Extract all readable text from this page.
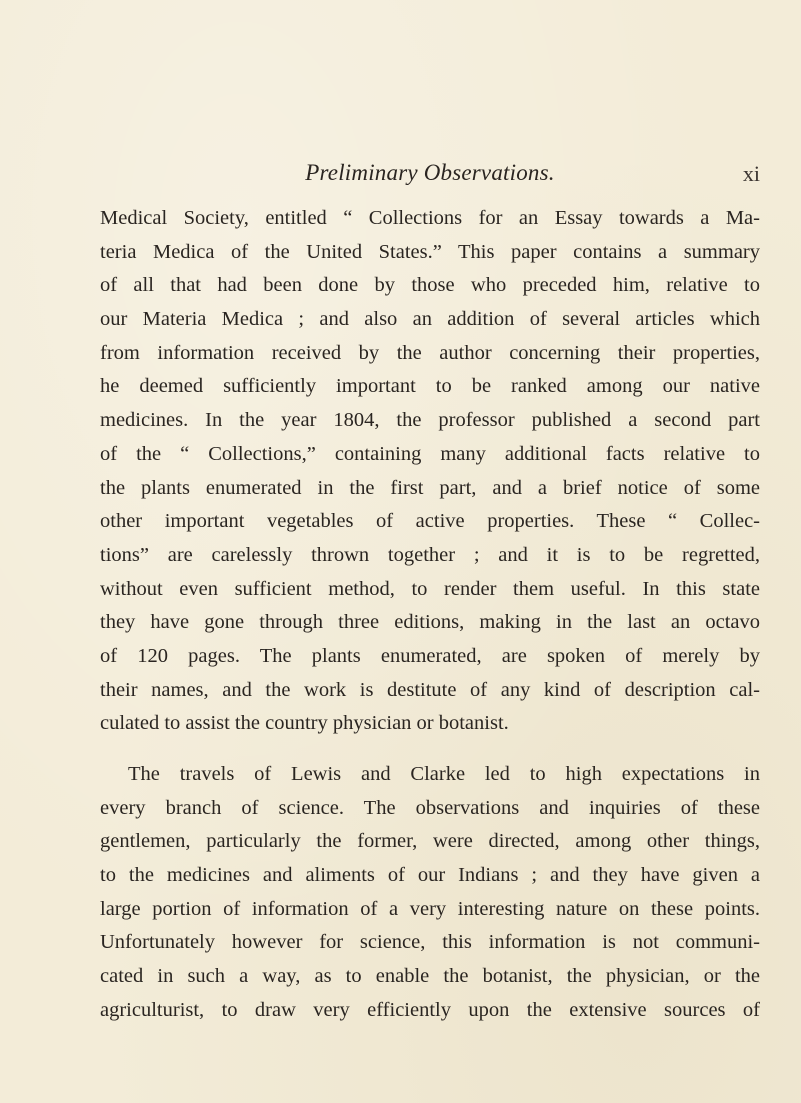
Preliminary Observations.	xi
Medical Society, entitled “ Collections for an Essay towards a Ma-
teria Medica of the United States.” This paper contains a summary
of all that had been done by those who preceded him, relative to
our Materia Medica ; and also an addition of several articles which
from information received by the author concerning their properties,
he deemed sufficiently important to be ranked among our native
medicines. In the year 1804, the professor published a second part
of the “ Collections,” containing many additional facts relative to
the plants enumerated in the first part, and a brief notice of some
other important vegetables of active properties. These “ Collec-
tions” are carelessly thrown together ; and it is to be regretted,
without even sufficient method, to render them useful. In this state
they have gone through three editions, making in the last an octavo
of 120 pages. The plants enumerated, are spoken of merely by
their names, and the work is destitute of any kind of description cal-
culated to assist the country physician or botanist.
The travels of Lewis and Clarke led to high expectations in
every branch of science. The observations and inquiries of these
gentlemen, particularly the former, were directed, among other things,
to the medicines and aliments of our Indians ; and they have given a
large portion of information of a very interesting nature on these points.
Unfortunately however for science, this information is not communi-
cated in such a way, as to enable the botanist, the physician, or the
agriculturist, to draw very efficiently upon the extensive sources of
